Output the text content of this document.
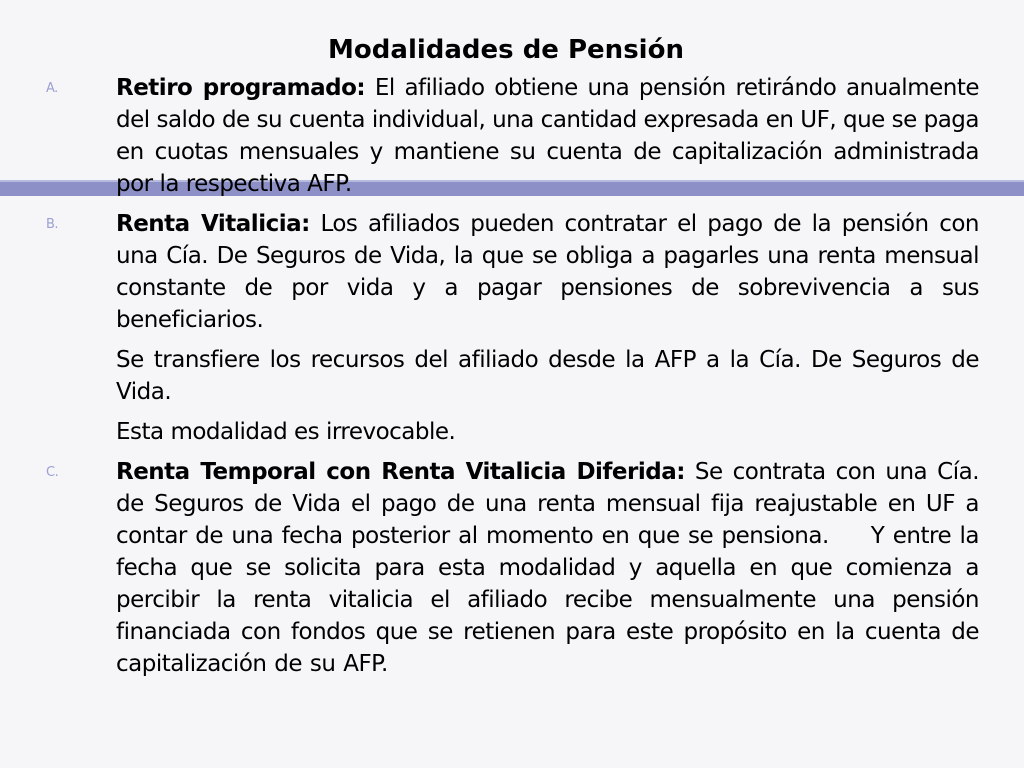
Modalidades de Pensión
A.	Retiro programado: El afiliado obtiene una pensión retirándo anualmente del saldo de su cuenta individual, una cantidad expresada en UF, que se paga en cuotas mensuales y mantiene su cuenta de capitalización administrada por la respectiva AFP.
B.	Renta Vitalicia: Los afiliados pueden contratar el pago de la pensión con una Cía. De Seguros de Vida, la que se obliga a pagarles una renta mensual constante de por vida y a pagar pensiones de sobrevivencia a sus beneficiarios.
Se transfiere los recursos del afiliado desde la AFP a la Cía. De Seguros de Vida.
Esta modalidad es irrevocable.
C.	Renta Temporal con Renta Vitalicia Diferida: Se contrata con una Cía. de Seguros de Vida el pago de una renta mensual fija reajustable en UF a contar de una fecha posterior al momento en que se pensiona.     Y entre la fecha que se solicita para esta modalidad y aquella en que comienza a percibir la renta vitalicia el afiliado recibe mensualmente una pensión financiada con fondos que se retienen para este propósito en la cuenta de capitalización de su AFP.
